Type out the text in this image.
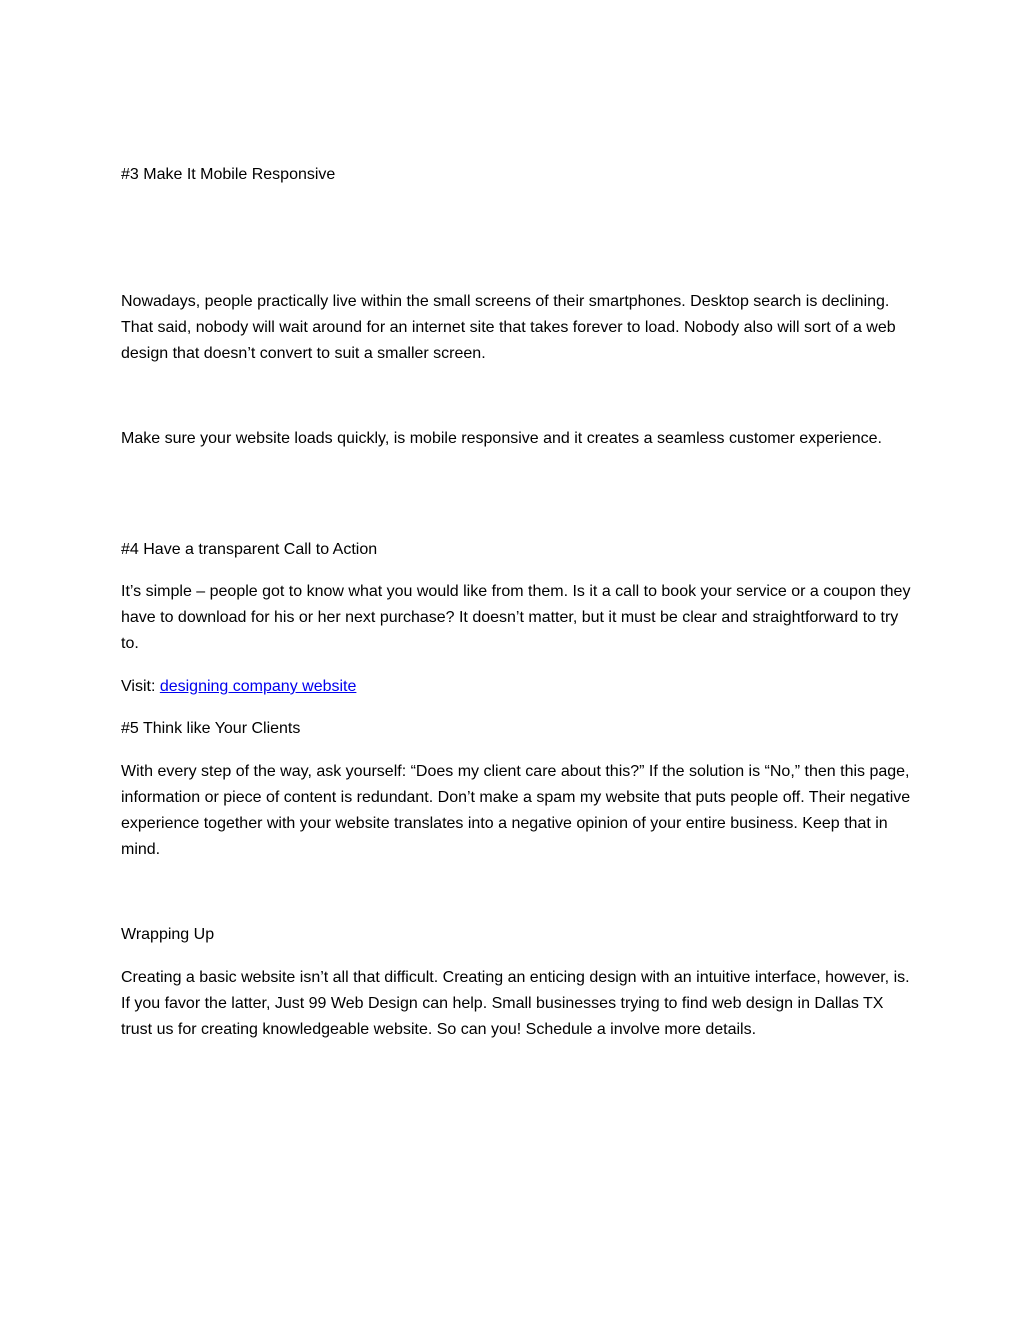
#3 Make It Mobile Responsive
Nowadays, people practically live within the small screens of their smartphones. Desktop search is declining. That said, nobody will wait around for an internet site that takes forever to load. Nobody also will sort of a web design that doesn’t convert to suit a smaller screen.
Make sure your website loads quickly, is mobile responsive and it creates a seamless customer experience.
#4 Have a transparent Call to Action
It’s simple – people got to know what you would like from them. Is it a call to book your service or a coupon they have to download for his or her next purchase? It doesn’t matter, but it must be clear and straightforward to try to.
Visit: designing company website
#5 Think like Your Clients
With every step of the way, ask yourself: “Does my client care about this?” If the solution is “No,” then this page, information or piece of content is redundant. Don’t make a spam my website that puts people off. Their negative experience together with your website translates into a negative opinion of your entire business. Keep that in mind.
Wrapping Up
Creating a basic website isn’t all that difficult. Creating an enticing design with an intuitive interface, however, is. If you favor the latter, Just 99 Web Design can help. Small businesses trying to find web design in Dallas TX trust us for creating knowledgeable website. So can you! Schedule a involve more details.
